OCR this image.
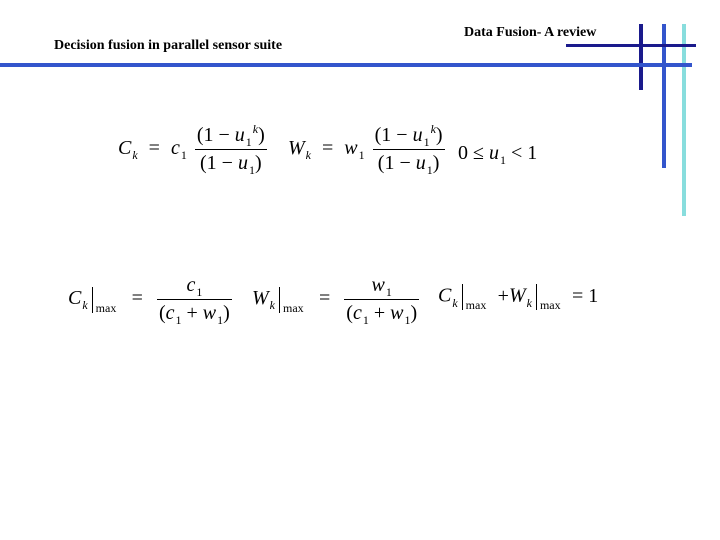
Decision fusion in parallel sensor suite
Data Fusion- A review
$C_k = c_1 \frac{(1 - u_1^k)}{(1 - u_1)} W_k = w_1 \frac{(1 - u_1^k)}{(1 - u_1)} 0 \le u_1 < 1$
$C_k$ $\max = \frac{c_1}{(c_1 + w_1)} W_k$ $\max = \frac{w_1}{(c_1 + w_1)} C_k$ $\max +W_k$ max = 1
